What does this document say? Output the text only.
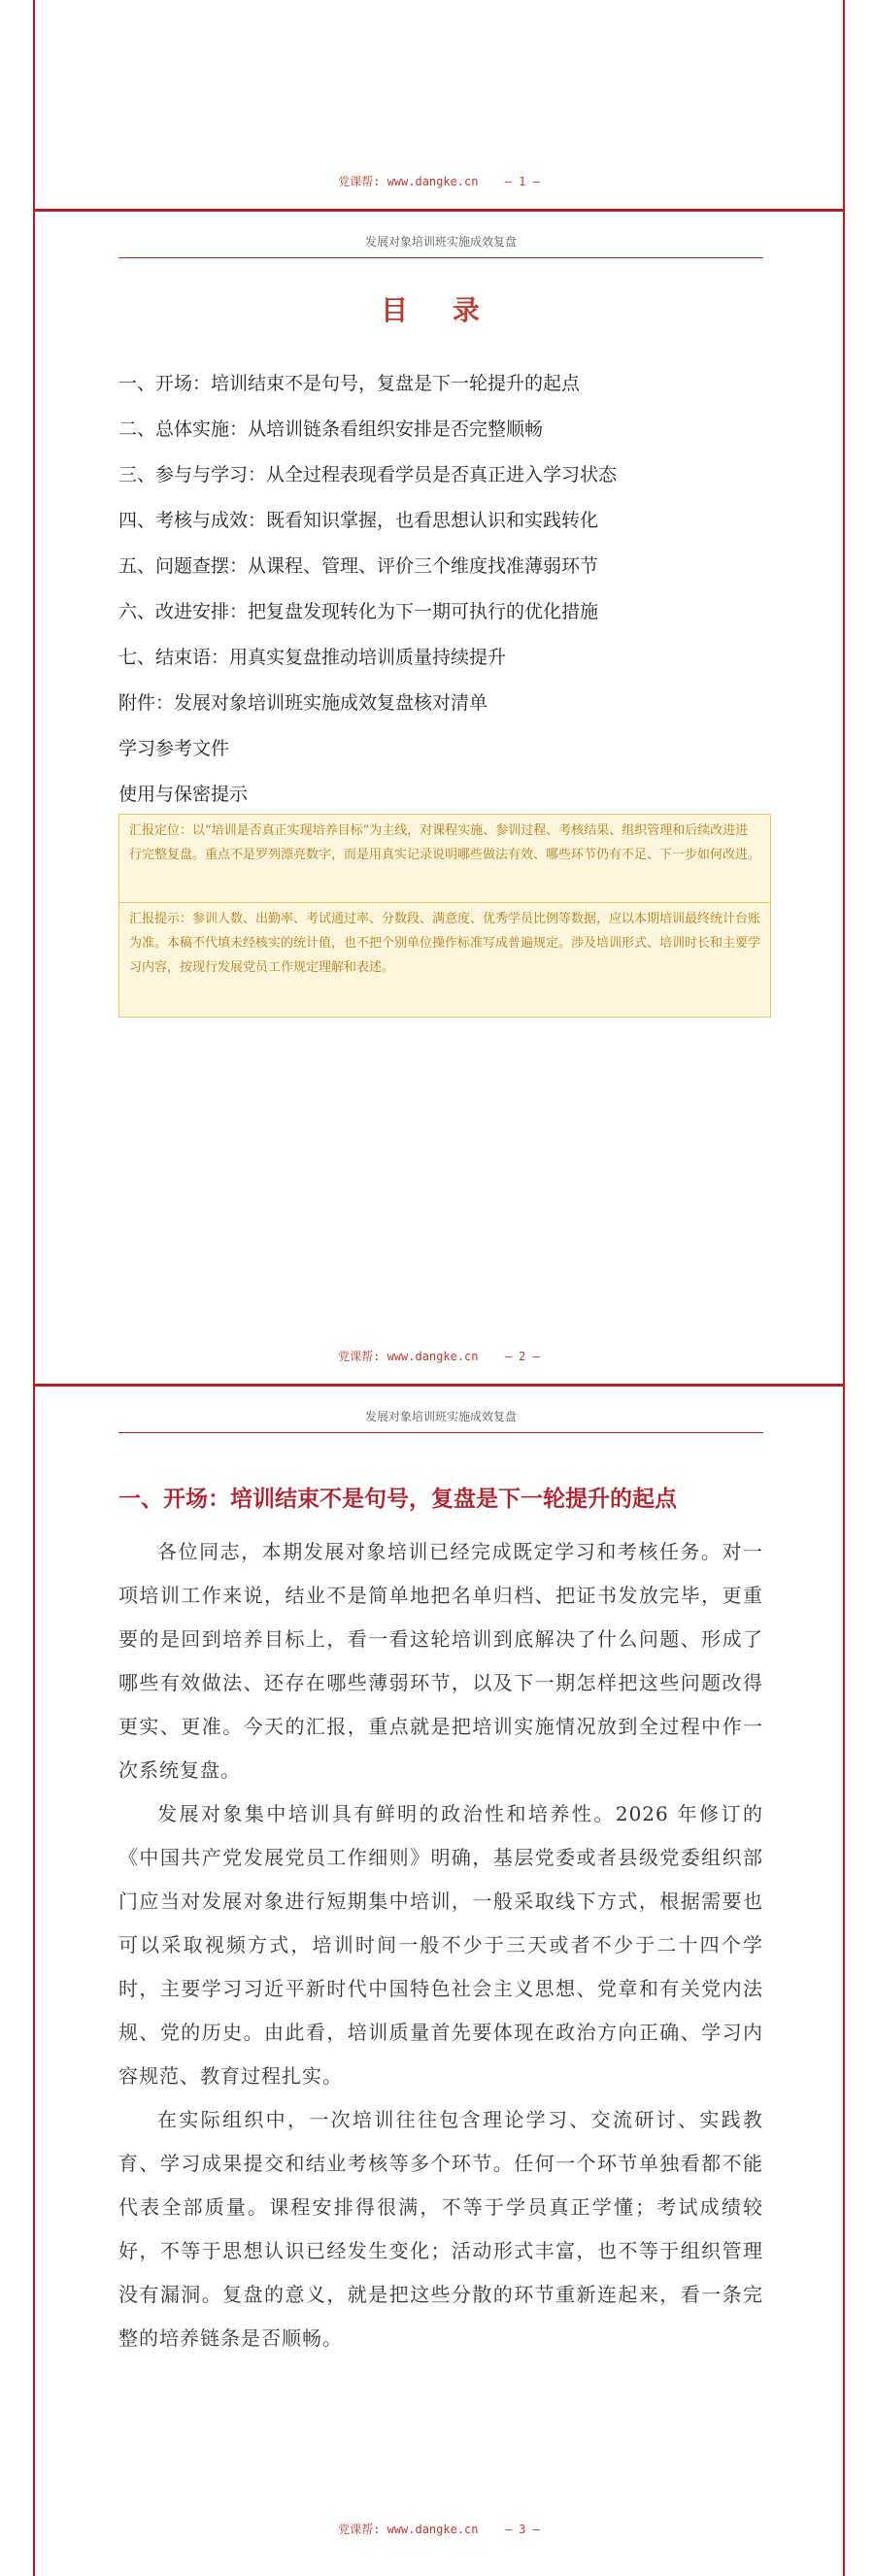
党课帮: www.dangke.cn — 1 —
发展对象培训班实施成效复盘
目 录
一、开场：培训结束不是句号，复盘是下一轮提升的起点
二、总体实施：从培训链条看组织安排是否完整顺畅
三、参与与学习：从全过程表现看学员是否真正进入学习状态
四、考核与成效：既看知识掌握，也看思想认识和实践转化
五、问题查摆：从课程、管理、评价三个维度找准薄弱环节
六、改进安排：把复盘发现转化为下一期可执行的优化措施
七、结束语：用真实复盘推动培训质量持续提升
附件：发展对象培训班实施成效复盘核对清单
学习参考文件
使用与保密提示
汇报定位：以“培训是否真正实现培养目标”为主线，对课程实施、参训过程、考核结果、组织管理和后续改进进行完整复盘。重点不是罗列漂亮数字，而是用真实记录说明哪些做法有效、哪些环节仍有不足、下一步如何改进。
汇报提示：参训人数、出勤率、考试通过率、分数段、满意度、优秀学员比例等数据，应以本期培训最终统计台账为准。本稿不代填未经核实的统计值，也不把个别单位操作标准写成普遍规定。涉及培训形式、培训时长和主要学习内容，按现行发展党员工作规定理解和表述。
党课帮: www.dangke.cn — 2 —
发展对象培训班实施成效复盘
一、开场：培训结束不是句号，复盘是下一轮提升的起点

各位同志，本期发展对象培训已经完成既定学习和考核任务。对一项培训工作来说，结业不是简单地把名单归档、把证书发放完毕，更重要的是回到培养目标上，看一看这轮培训到底解决了什么问题、形成了哪些有效做法、还存在哪些薄弱环节，以及下一期怎样把这些问题改得更实、更准。今天的汇报，重点就是把培训实施情况放到全过程中作一次系统复盘。

发展对象集中培训具有鲜明的政治性和培养性。2026 年修订的《中国共产党发展党员工作细则》明确，基层党委或者县级党委组织部门应当对发展对象进行短期集中培训，一般采取线下方式，根据需要也可以采取视频方式，培训时间一般不少于三天或者不少于二十四个学时，主要学习习近平新时代中国特色社会主义思想、党章和有关党内法规、党的历史。由此看，培训质量首先要体现在政治方向正确、学习内容规范、教育过程扎实。

在实际组织中，一次培训往往包含理论学习、交流研讨、实践教育、学习成果提交和结业考核等多个环节。任何一个环节单独看都不能代表全部质量。课程安排得很满，不等于学员真正学懂；考试成绩较好，不等于思想认识已经发生变化；活动形式丰富，也不等于组织管理没有漏洞。复盘的意义，就是把这些分散的环节重新连起来，看一条完整的培养链条是否顺畅。

党课帮: www.dangke.cn — 3 —
